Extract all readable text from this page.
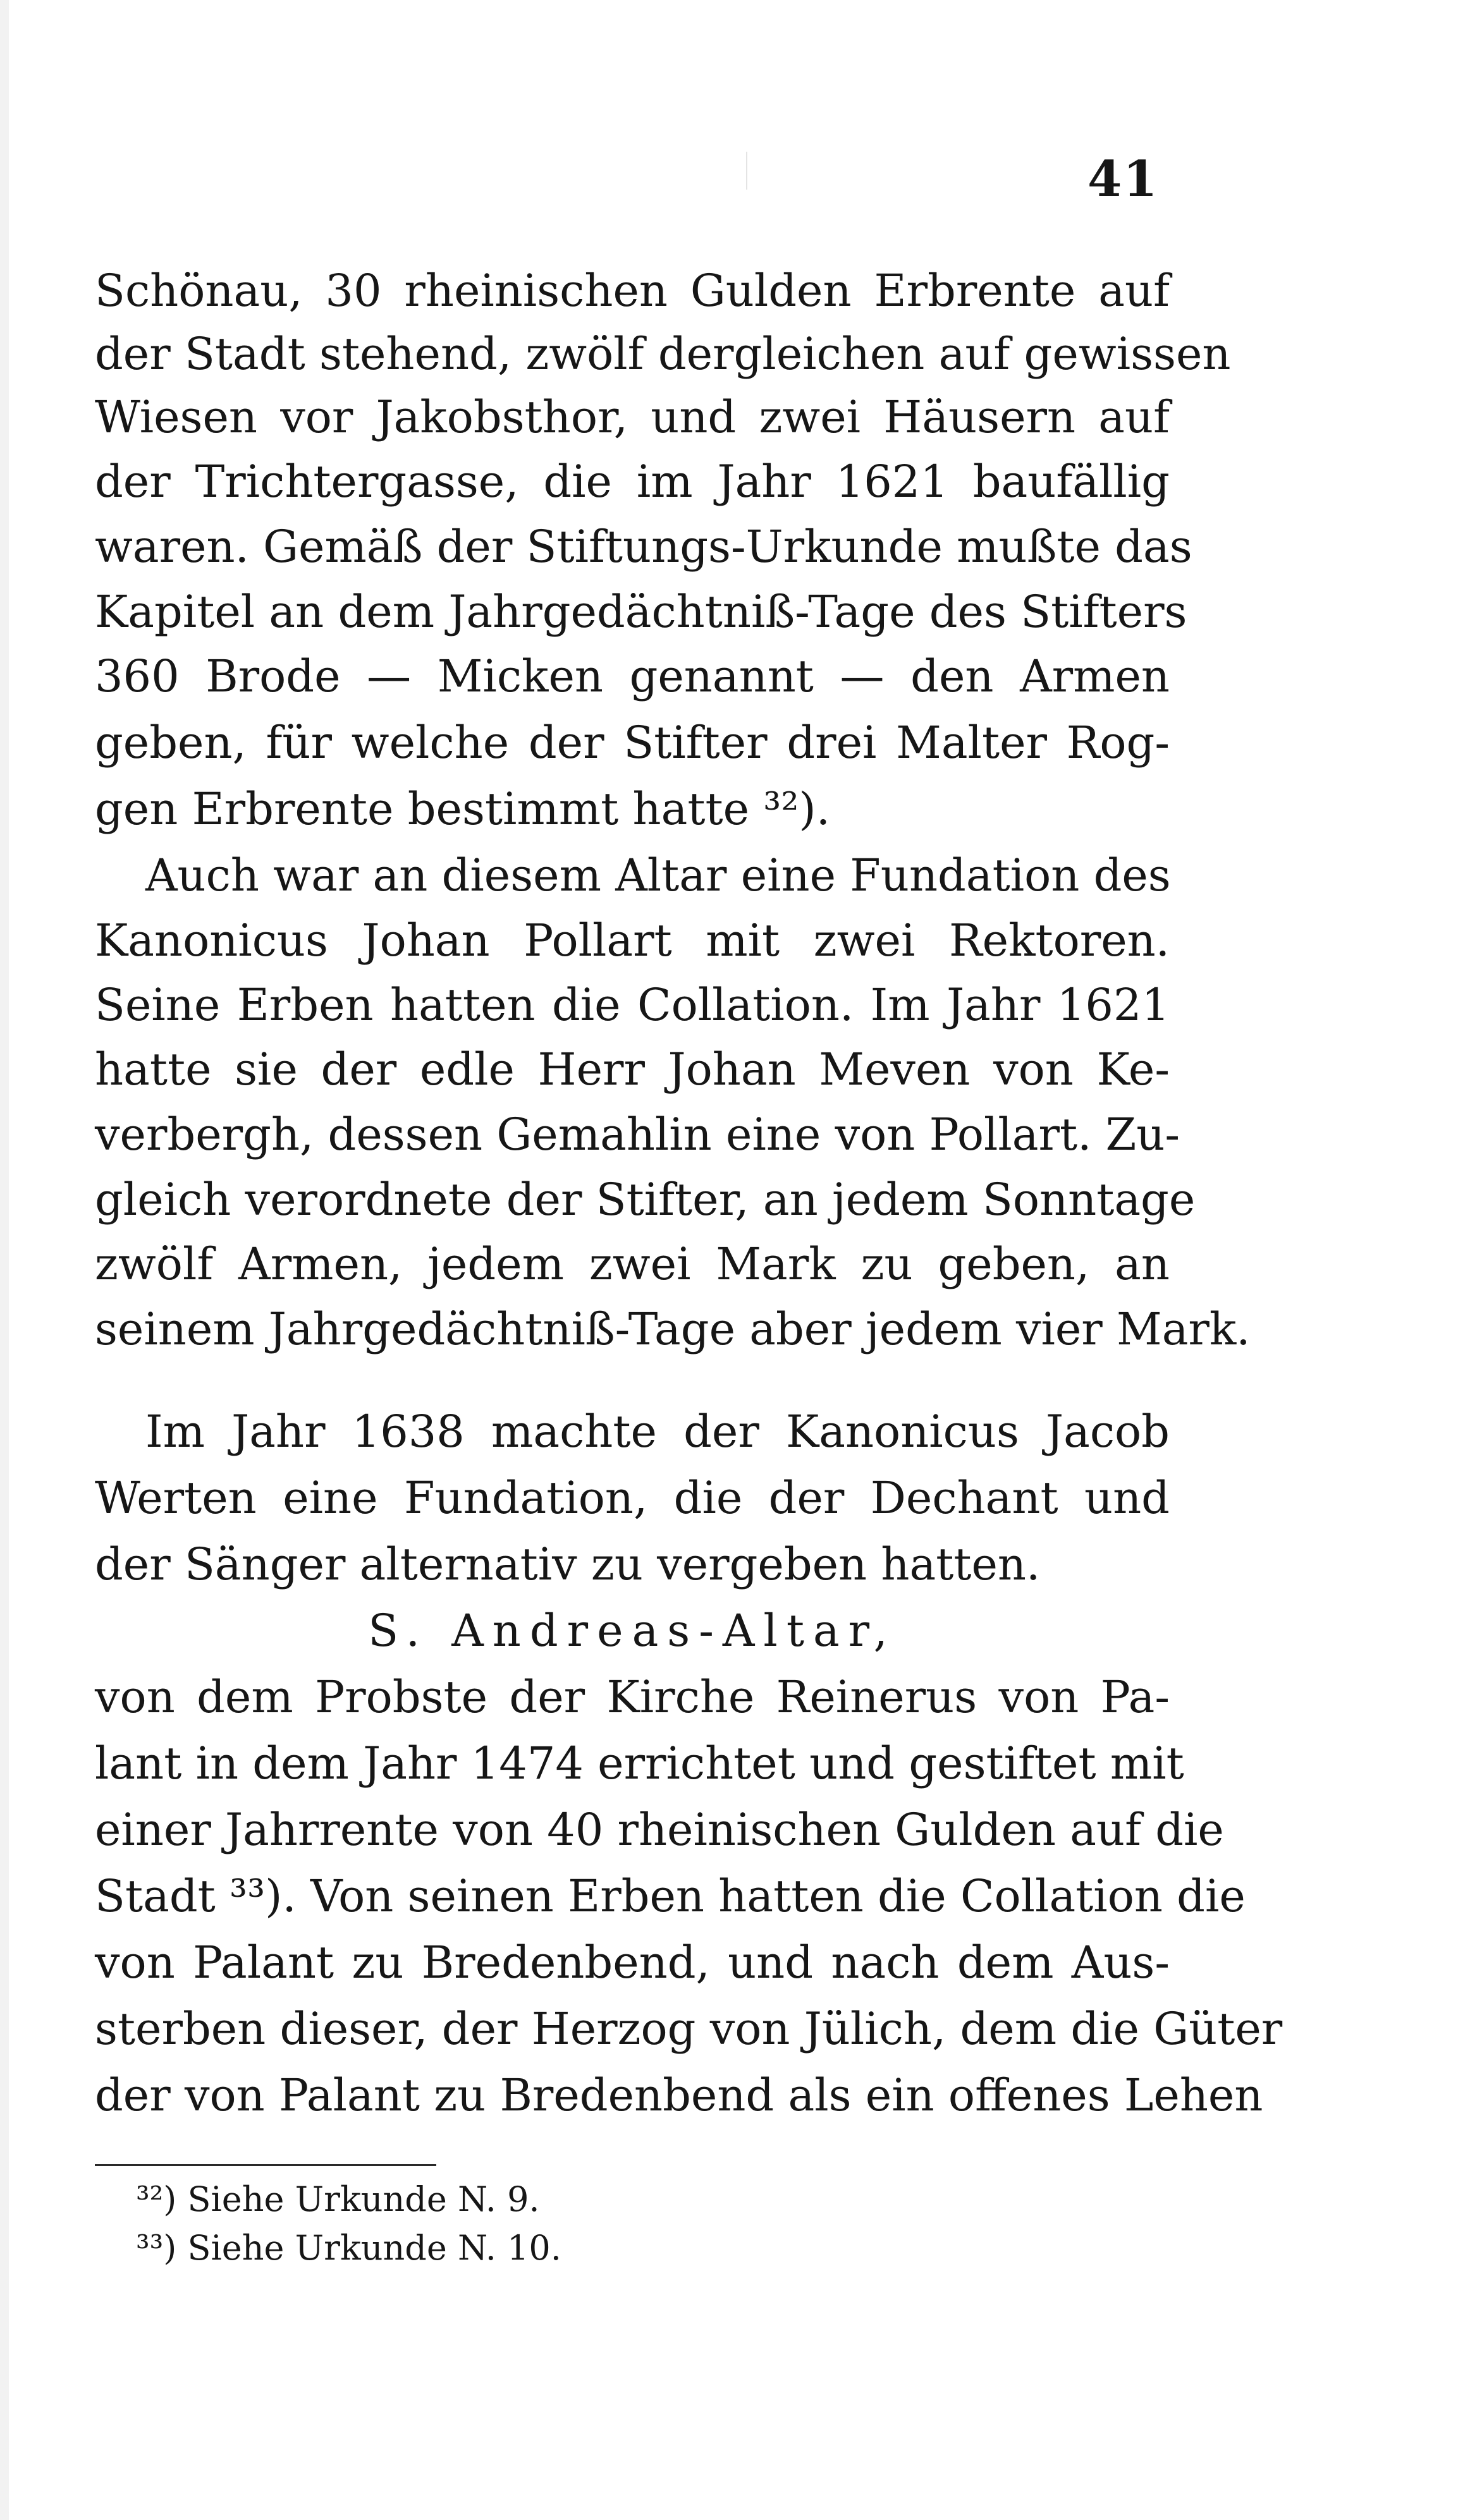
41
Schönau, 30 rheinischen Gulden Erbrente auf
der Stadt stehend, zwölf dergleichen auf gewissen
Wiesen vor Jakobsthor, und zwei Häusern auf
der Trichtergasse, die im Jahr 1621 baufällig
waren. Gemäß der Stiftungs-Urkunde mußte das
Kapitel an dem Jahrgedächtniß-Tage des Stifters
360 Brode — Micken genannt — den Armen
geben, für welche der Stifter drei Malter Rog-
gen Erbrente bestimmt hatte ³²).
Auch war an diesem Altar eine Fundation des
Kanonicus Johan Pollart mit zwei Rektoren.
Seine Erben hatten die Collation. Im Jahr 1621
hatte sie der edle Herr Johan Meven von Ke-
verbergh, dessen Gemahlin eine von Pollart. Zu-
gleich verordnete der Stifter, an jedem Sonntage
zwölf Armen, jedem zwei Mark zu geben, an
seinem Jahrgedächtniß-Tage aber jedem vier Mark.
Im Jahr 1638 machte der Kanonicus Jacob
Werten eine Fundation, die der Dechant und
der Sänger alternativ zu vergeben hatten.
S. Andreas-Altar,
von dem Probste der Kirche Reinerus von Pa-
lant in dem Jahr 1474 errichtet und gestiftet mit
einer Jahrrente von 40 rheinischen Gulden auf die
Stadt ³³). Von seinen Erben hatten die Collation die
von Palant zu Bredenbend, und nach dem Aus-
sterben dieser, der Herzog von Jülich, dem die Güter
der von Palant zu Bredenbend als ein offenes Lehen
³²) Siehe Urkunde N. 9.
³³) Siehe Urkunde N. 10.
